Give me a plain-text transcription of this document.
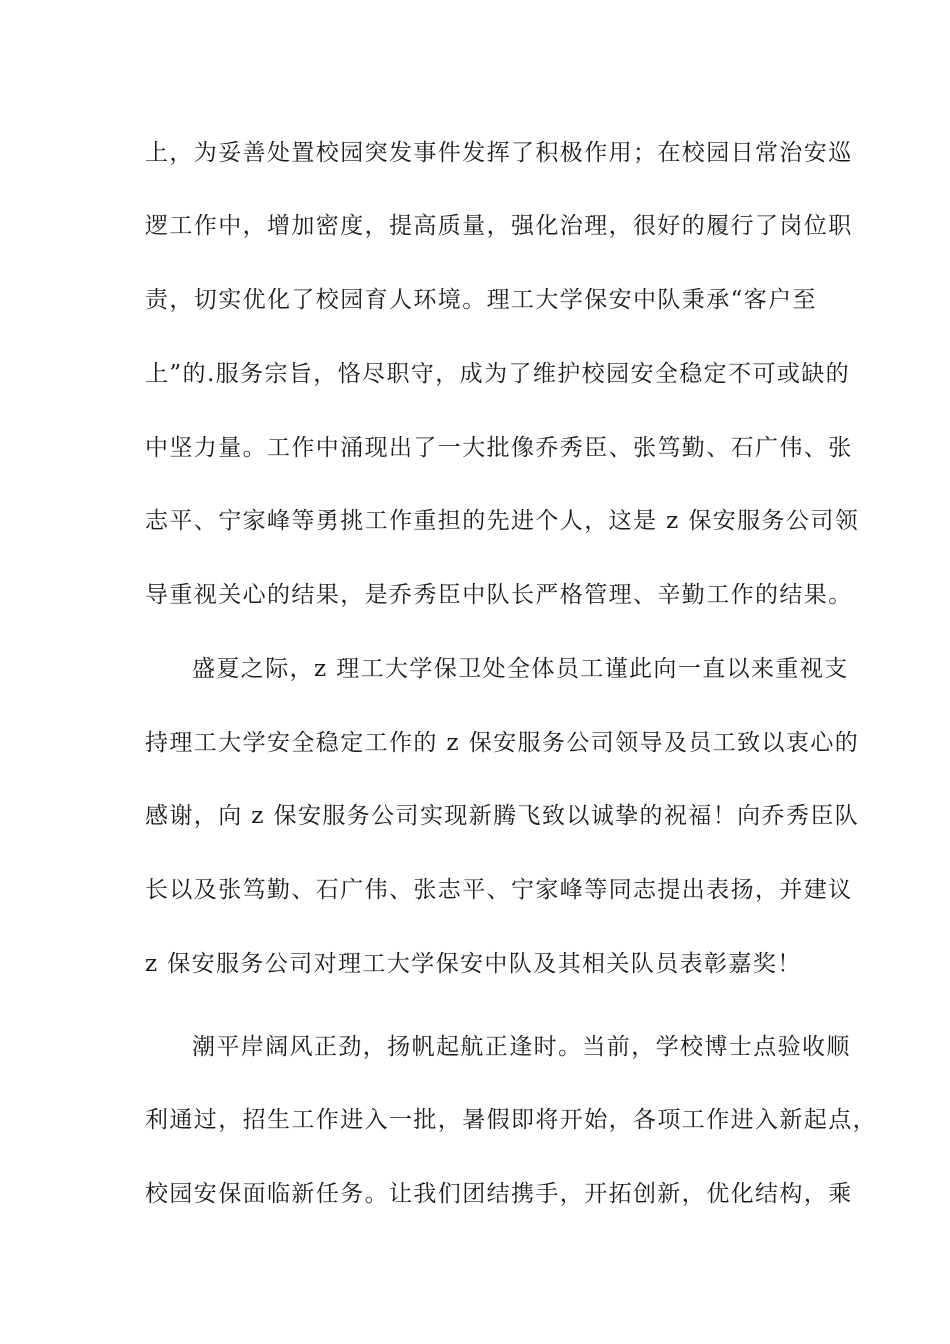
上，为妥善处置校园突发事件发挥了积极作用；在校园日常治安巡
逻工作中，增加密度，提高质量，强化治理，很好的履行了岗位职
责，切实优化了校园育人环境。理工大学保安中队秉承“客户至
上”的.服务宗旨，恪尽职守，成为了维护校园安全稳定不可或缺的
中坚力量。工作中涌现出了一大批像乔秀臣、张笃勤、石广伟、张
志平、宁家峰等勇挑工作重担的先进个人，这是 z 保安服务公司领
导重视关心的结果，是乔秀臣中队长严格管理、辛勤工作的结果。
盛夏之际，z 理工大学保卫处全体员工谨此向一直以来重视支
持理工大学安全稳定工作的 z 保安服务公司领导及员工致以衷心的
感谢，向 z 保安服务公司实现新腾飞致以诚挚的祝福！向乔秀臣队
长以及张笃勤、石广伟、张志平、宁家峰等同志提出表扬，并建议
z 保安服务公司对理工大学保安中队及其相关队员表彰嘉奖！
潮平岸阔风正劲，扬帆起航正逢时。当前，学校博士点验收顺
利通过，招生工作进入一批，暑假即将开始，各项工作进入新起点，
校园安保面临新任务。让我们团结携手，开拓创新，优化结构，乘
